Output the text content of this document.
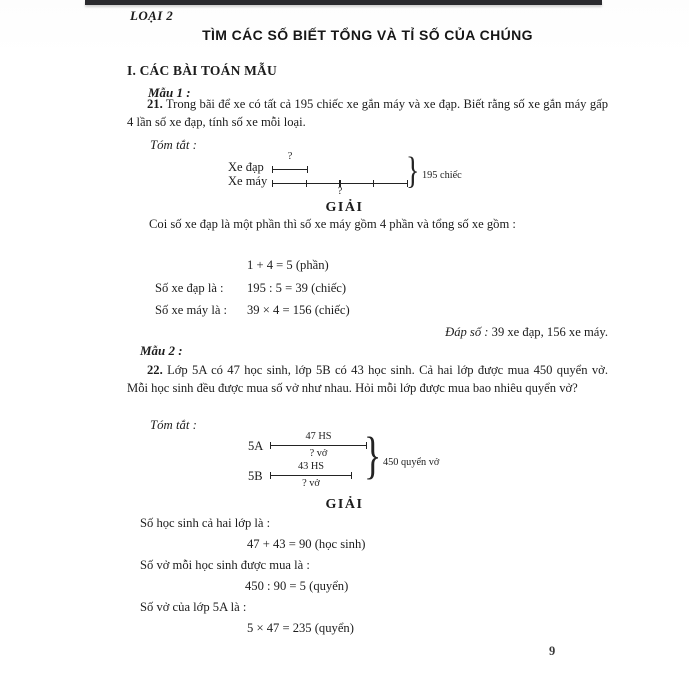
LOẠI 2
TÌM CÁC SỐ BIẾT TỔNG VÀ TỈ SỐ CỦA CHÚNG
I. CÁC BÀI TOÁN MẪU
Mẫu 1 :

21. Trong bãi để xe có tất cả 195 chiếc xe gắn máy và xe đạp. Biết rằng số xe gắn máy gấp 4 lần số xe đạp, tính số xe mỗi loại.

Tóm tắt :
Xe đạp
?
Xe máy
?	} 195 chiếc
GIẢI

Coi số xe đạp là một phần thì số xe máy gồm 4 phần và tổng số xe gồm :

1 + 4 = 5 (phần)
Số xe đạp là : 195 : 5 = 39 (chiếc)
Số xe máy là : 39 × 4 = 156 (chiếc)
Đáp số : 39 xe đạp, 156 xe máy.
Mẫu 2 :

22. Lớp 5A có 47 học sinh, lớp 5B có 43 học sinh. Cả hai lớp được mua 450 quyển vở. Mỗi học sinh đều được mua số vở như nhau. Hỏi mỗi lớp được mua bao nhiêu quyển vở?

Tóm tắt :
5A
47 HS
? vở
5B
43 HS
? vở	} 450 quyển vở
GIẢI
Số học sinh cả hai lớp là :
47 + 43 = 90 (học sinh)
Số vở mỗi học sinh được mua là :
450 : 90 = 5 (quyển)
Số vở của lớp 5A là :
5 × 47 = 235 (quyển)
9
